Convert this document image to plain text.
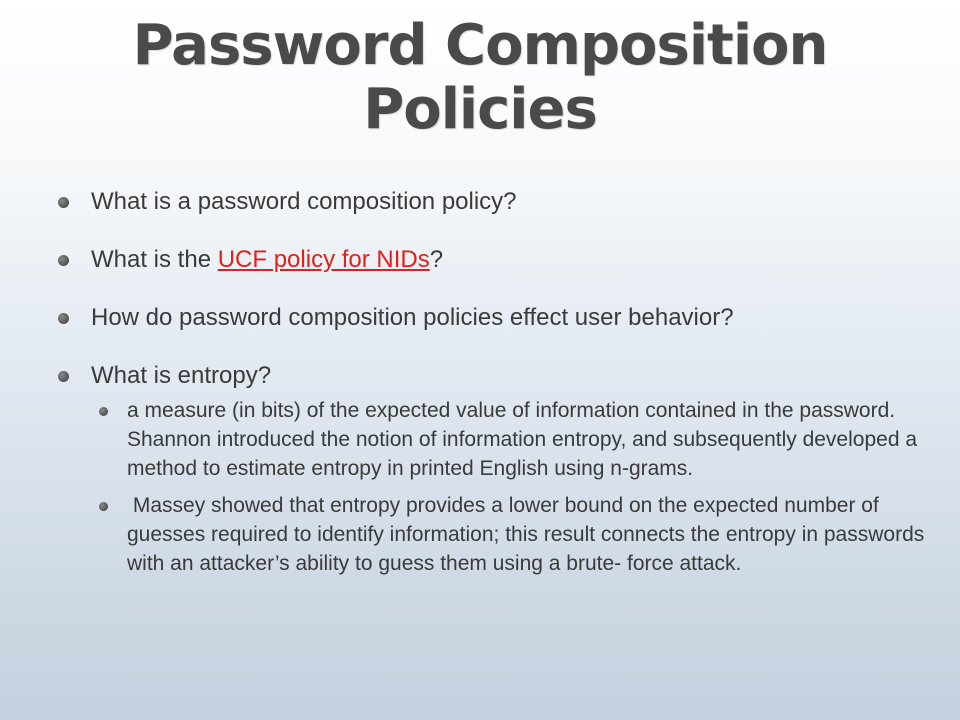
Password Composition
Policies
What is a password composition policy?
What is the UCF policy for NIDs?
How do password composition policies effect user behavior?
What is entropy?
a measure (in bits) of the expected value of information contained in the password. Shannon introduced the notion of information entropy, and subsequently developed a method to estimate entropy in printed English using n-grams.
Massey showed that entropy provides a lower bound on the expected number of guesses required to identify information; this result connects the entropy in passwords with an attacker’s ability to guess them using a brute- force attack.
